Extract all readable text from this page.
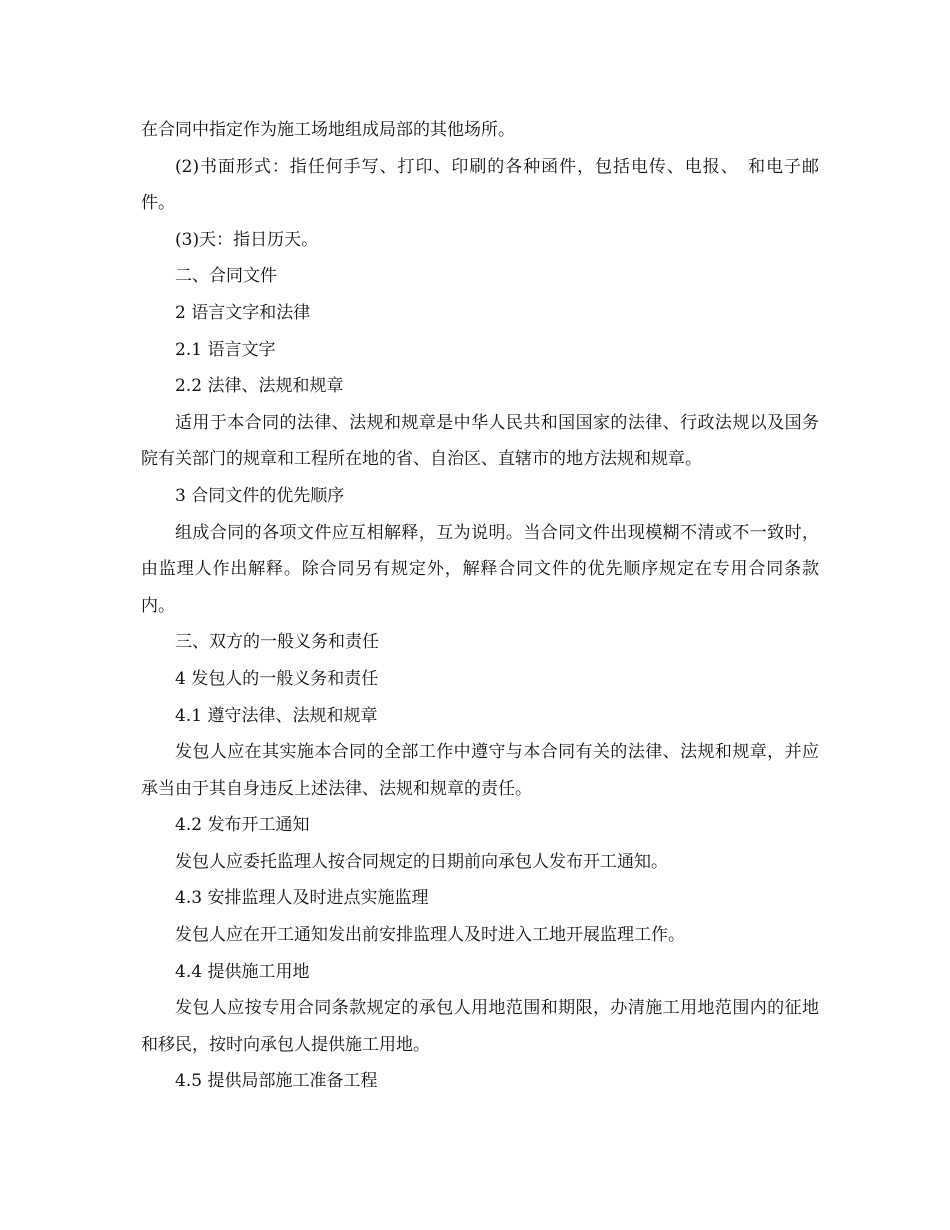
在合同中指定作为施工场地组成局部的其他场所。

(2)书面形式：指任何手写、打印、印刷的各种函件，包括电传、电报、　和电子邮件。

(3)天：指日历天。

二、合同文件

2 语言文字和法律

2.1 语言文字

2.2 法律、法规和规章

适用于本合同的法律、法规和规章是中华人民共和国国家的法律、行政法规以及国务院有关部门的规章和工程所在地的省、自治区、直辖市的地方法规和规章。

3 合同文件的优先顺序

组成合同的各项文件应互相解释，互为说明。当合同文件出现模糊不清或不一致时，由监理人作出解释。除合同另有规定外，解释合同文件的优先顺序规定在专用合同条款内。

三、双方的一般义务和责任

4 发包人的一般义务和责任

4.1 遵守法律、法规和规章

发包人应在其实施本合同的全部工作中遵守与本合同有关的法律、法规和规章，并应承当由于其自身违反上述法律、法规和规章的责任。

4.2 发布开工通知

发包人应委托监理人按合同规定的日期前向承包人发布开工通知。

4.3 安排监理人及时进点实施监理

发包人应在开工通知发出前安排监理人及时进入工地开展监理工作。

4.4 提供施工用地

发包人应按专用合同条款规定的承包人用地范围和期限，办清施工用地范围内的征地和移民，按时向承包人提供施工用地。

4.5 提供局部施工准备工程
